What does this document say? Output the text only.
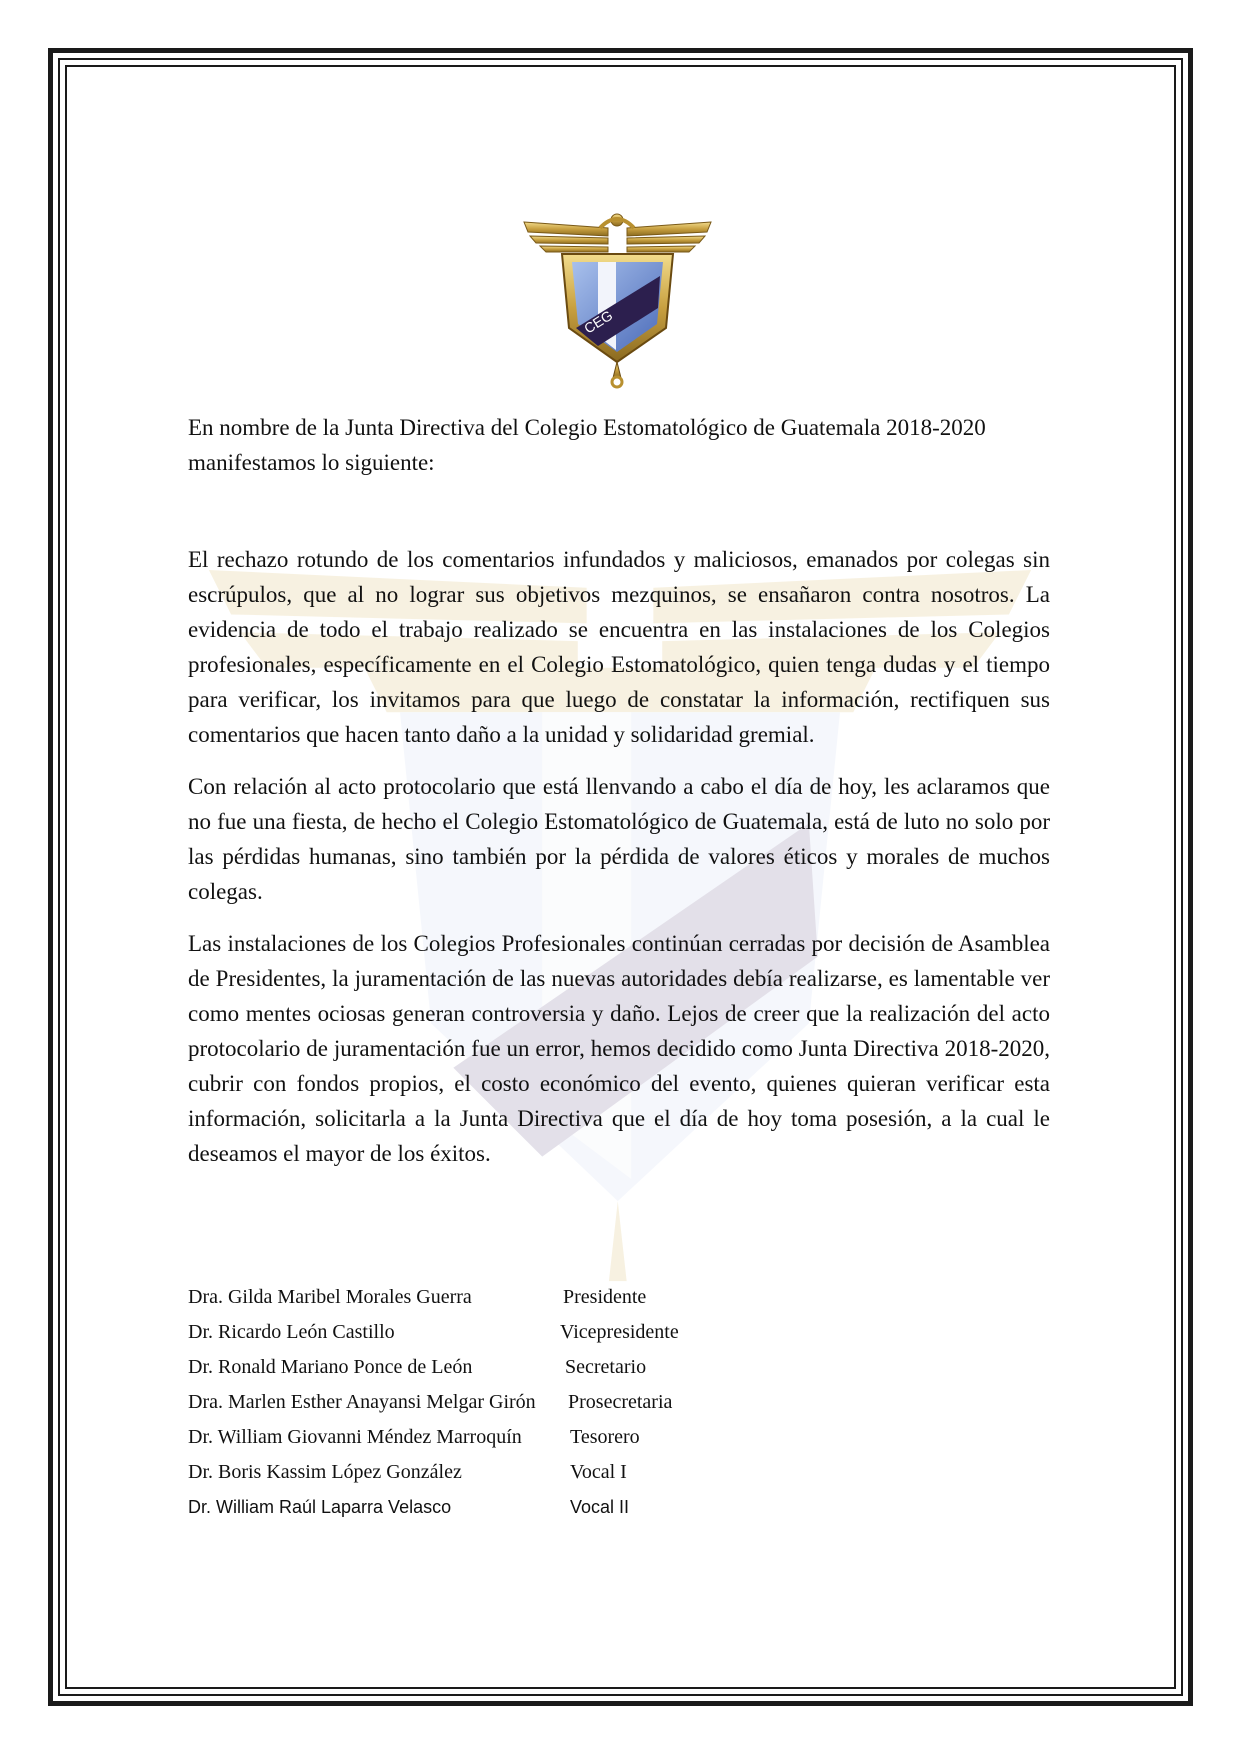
CEG

En nombre de la Junta Directiva del Colegio Estomatológico de Guatemala 2018-2020 manifestamos lo siguiente:

El rechazo rotundo de los comentarios infundados y maliciosos, emanados por colegas sin escrúpulos, que al no lograr sus objetivos mezquinos, se ensañaron contra nosotros. La evidencia de todo el trabajo realizado se encuentra en las instalaciones de los Colegios profesionales, específicamente en el Colegio Estomatológico, quien tenga dudas y el tiempo para verificar, los invitamos para que luego de constatar la información, rectifiquen sus comentarios que hacen tanto daño a la unidad y solidaridad gremial.

Con relación al acto protocolario que está llenvando a cabo el día de hoy, les aclaramos que no fue una fiesta, de hecho el Colegio Estomatológico de Guatemala, está de luto no solo por las pérdidas humanas, sino también por la pérdida de valores éticos y morales de muchos colegas.

Las instalaciones de los Colegios Profesionales continúan cerradas por decisión de Asamblea de Presidentes, la juramentación de las nuevas autoridades debía realizarse, es lamentable ver como mentes ociosas generan controversia y daño. Lejos de creer que la realización del acto protocolario de juramentación fue un error, hemos decidido como Junta Directiva 2018-2020, cubrir con fondos propios, el costo económico del evento, quienes quieran verificar esta información, solicitarla a la Junta Directiva que el día de hoy toma posesión, a la cual le deseamos el mayor de los éxitos.

Dra. Gilda Maribel Morales Guerra	Presidente
Dr. Ricardo León Castillo	Vicepresidente
Dr. Ronald Mariano Ponce de León	Secretario
Dra. Marlen Esther Anayansi Melgar Girón Prosecretaria
Dr. William Giovanni Méndez Marroquín Tesorero
Dr. Boris Kassim López González	Vocal I
Dr. William Raúl Laparra Velasco	Vocal II
